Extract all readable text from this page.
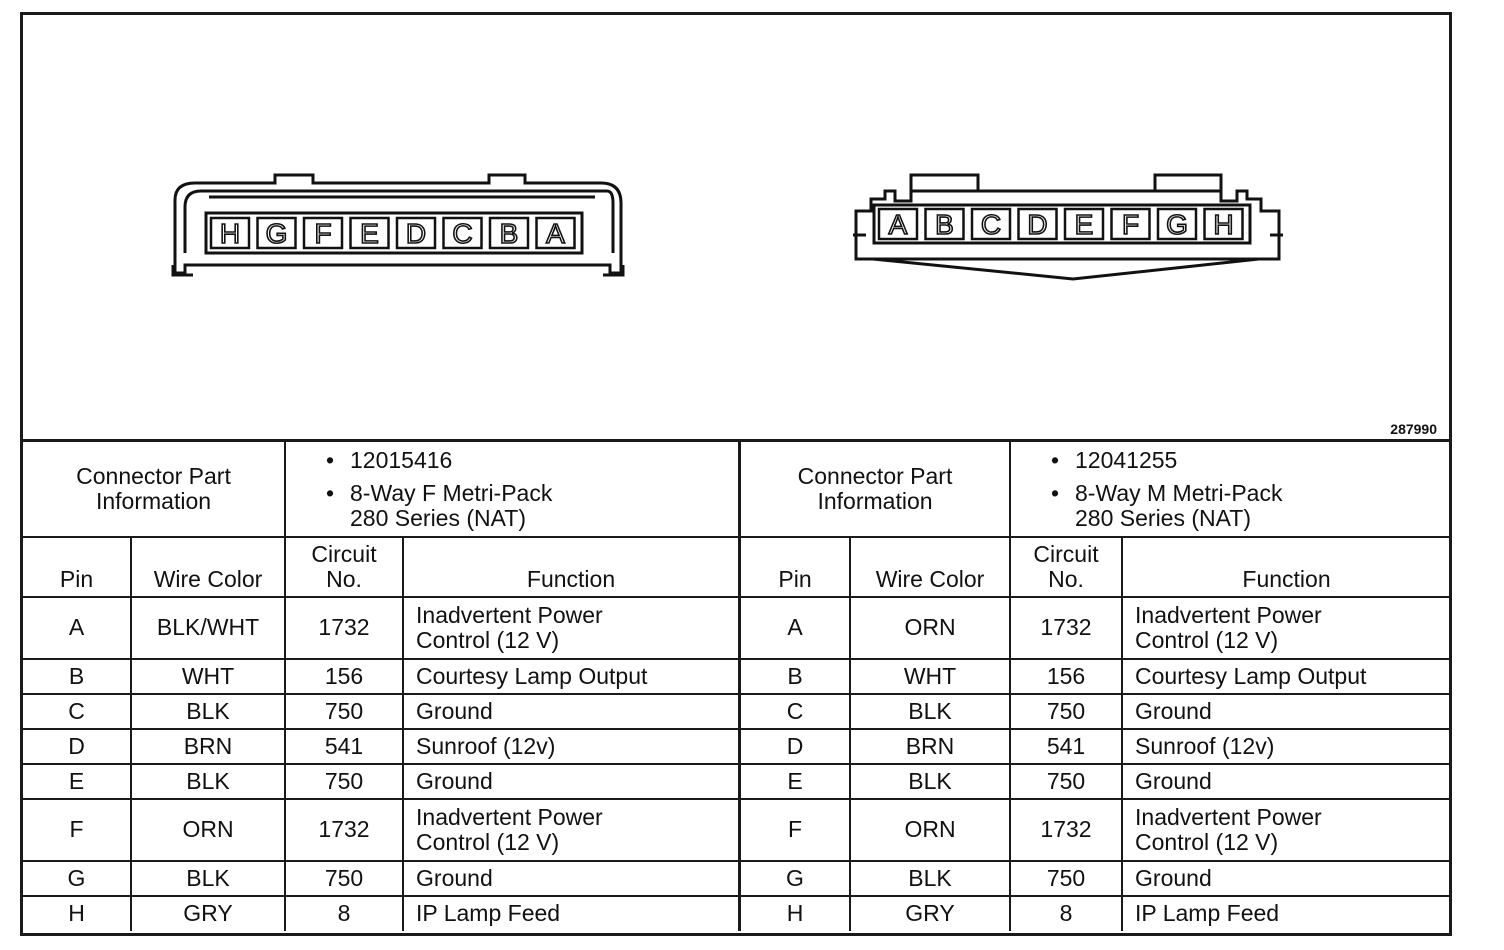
H G F E D C B A	A B C D E F G H
287990
Connector Part
Information		• 12015416
• 8-Way F Metri-Pack
280 Series (NAT)	

Pin	Wire Color	Circuit
No.	Function
A	BLK/WHT	1732	Inadvertent Power
Control (12 V)

B	WHT	156	Courtesy Lamp Output

C	BLK	750	Ground

D	BRN	541	Sunroof (12v)

E	BLK	750	Ground

F	ORN	1732	Inadvertent Power
Control (12 V)

G	BLK	750	Ground

H	GRY	8	IP Lamp Feed
Connector Part
Information		• 12041255
• 8-Way M Metri-Pack
280 Series (NAT)	

Pin	Wire Color	Circuit
No.	Function
A	ORN	1732	Inadvertent Power
Control (12 V)

B	WHT	156	Courtesy Lamp Output

C	BLK	750	Ground

D	BRN	541	Sunroof (12v)

E	BLK	750	Ground

F	ORN	1732	Inadvertent Power
Control (12 V)

G	BLK	750	Ground

H	GRY	8	IP Lamp Feed
